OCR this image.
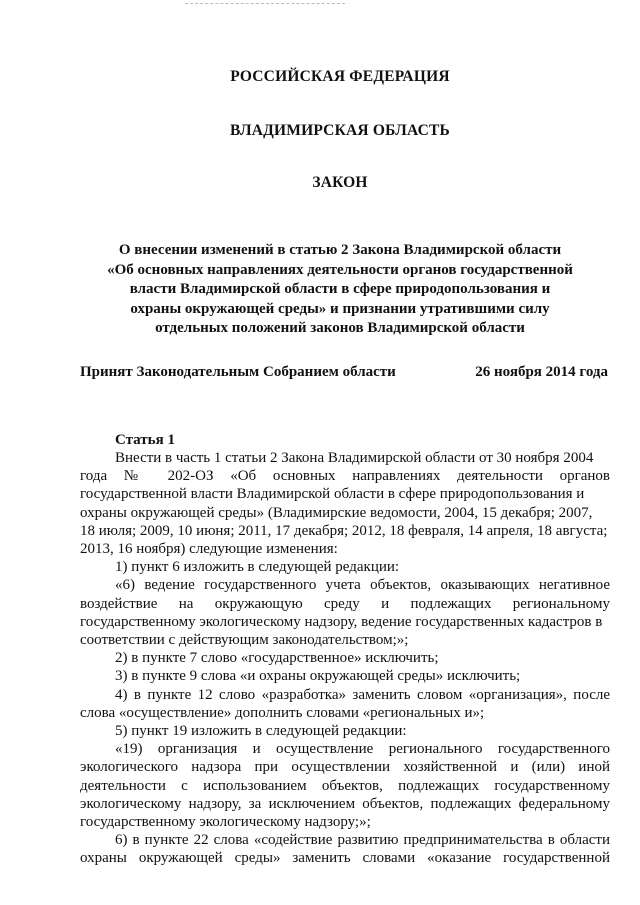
РОССИЙСКАЯ ФЕДЕРАЦИЯ
ВЛАДИМИРСКАЯ ОБЛАСТЬ
ЗАКОН
О внесении изменений в статью 2 Закона Владимирской области
«Об основных направлениях деятельности органов государственной
власти Владимирской области в сфере природопользования и
охраны окружающей среды» и признании утратившими силу
отдельных положений законов Владимирской области
Принят Законодательным Собранием области	26 ноября 2014 года
Статья 1
Внести в часть 1 статьи 2 Закона Владимирской области от 30 ноября 2004
года № 202-ОЗ «Об основных направлениях деятельности органов
государственной власти Владимирской области в сфере природопользования и
охраны окружающей среды» (Владимирские ведомости, 2004, 15 декабря; 2007,
18 июля; 2009, 10 июня; 2011, 17 декабря; 2012, 18 февраля, 14 апреля, 18 августа;
2013, 16 ноября) следующие изменения:
1) пункт 6 изложить в следующей редакции:
«6) ведение государственного учета объектов, оказывающих негативное
воздействие на окружающую среду и подлежащих региональному
государственному экологическому надзору, ведение государственных кадастров в
соответствии с действующим законодательством;»;
2) в пункте 7 слово «государственное» исключить;
3) в пункте 9 слова «и охраны окружающей среды» исключить;
4) в пункте 12 слово «разработка» заменить словом «организация», после
слова «осуществление» дополнить словами «региональных и»;
5) пункт 19 изложить в следующей редакции:
«19) организация и осуществление регионального государственного
экологического надзора при осуществлении хозяйственной и (или) иной
деятельности с использованием объектов, подлежащих государственному
экологическому надзору, за исключением объектов, подлежащих федеральному
государственному экологическому надзору;»;
6) в пункте 22 слова «содействие развитию предпринимательства в области
охраны окружающей среды» заменить словами «оказание государственной
